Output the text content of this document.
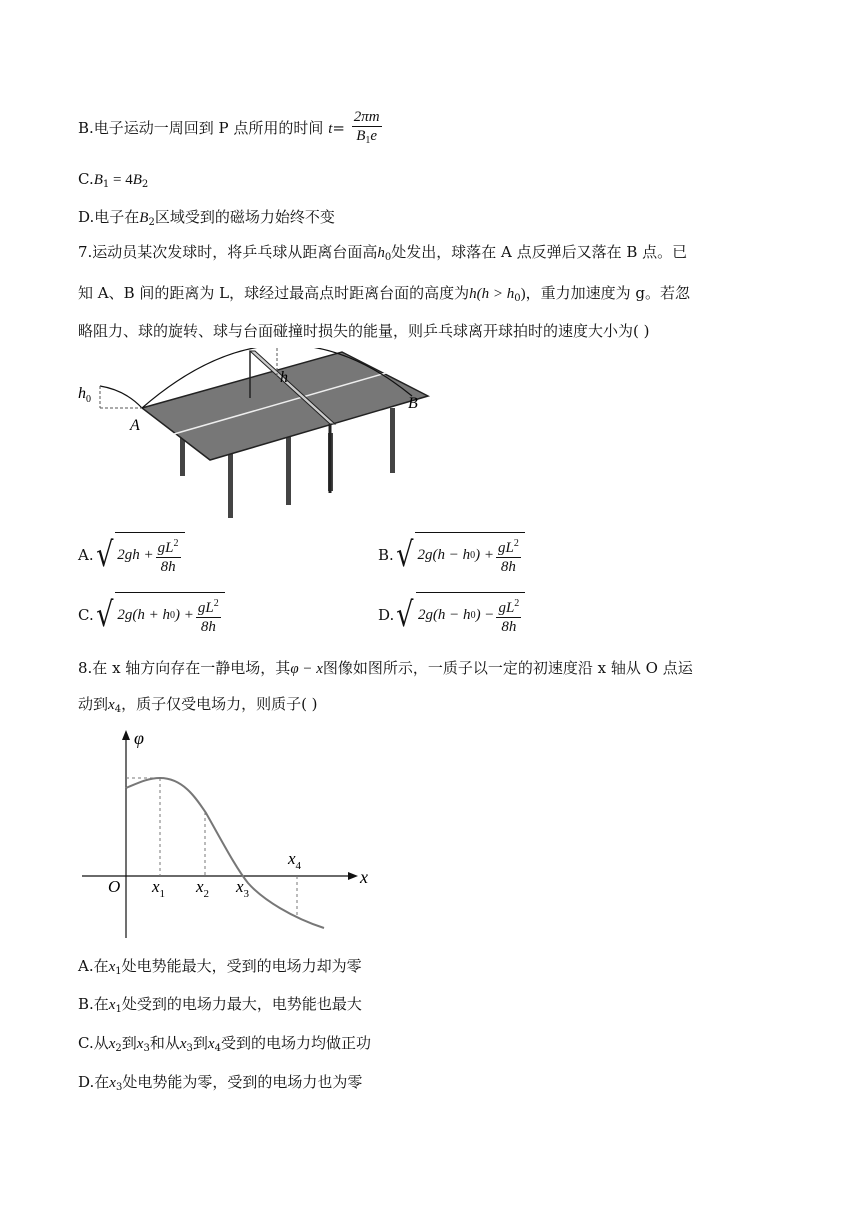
B.电子运动一周回到 P 点所用的时间 $t= \frac{2\pi m}{B_1e}$
$C.B_1 = 4B_2$
D.电子在$B_2$区域受到的磁场力始终不变
7.运动员某次发球时，将乒乓球从距离台面高$h_0$处发出，球落在 A 点反弹后又落在 B 点。已
知 A、B 间的距离为 L，球经过最高点时距离台面的高度为$h(h > h_0)$，重力加速度为 g。若忽
略阻力、球的旋转、球与台面碰撞时损失的能量，则乒乓球离开球拍时的速度大小为( )
$h_0$
h
A
B
A. √ $2gh + \frac{gL^2}{8h}$	B. √ 2g(h − h 0 ) + $\frac{gL^2}{8h}$
C. √ 2g(h + h 0 ) + $\frac{gL^2}{8h}$	D. √ 2g(h − h 0 ) − $\frac{gL^2}{8h}$
8.在 x 轴方向存在一静电场，其φ − x图像如图所示，一质子以一定的初速度沿 x 轴从 O 点运
动到$x_4$，质子仅受电场力，则质子( )
φ
x
O $x_1$ $x_2$ $x_3$
$x_4$
A.在$x_1$处电势能最大，受到的电场力却为零
B.在$x_1$处受到的电场力最大，电势能也最大
C.从$x_2$到$x_3$和从$x_3$到$x_4$受到的电场力均做正功
D.在$x_3$处电势能为零，受到的电场力也为零
